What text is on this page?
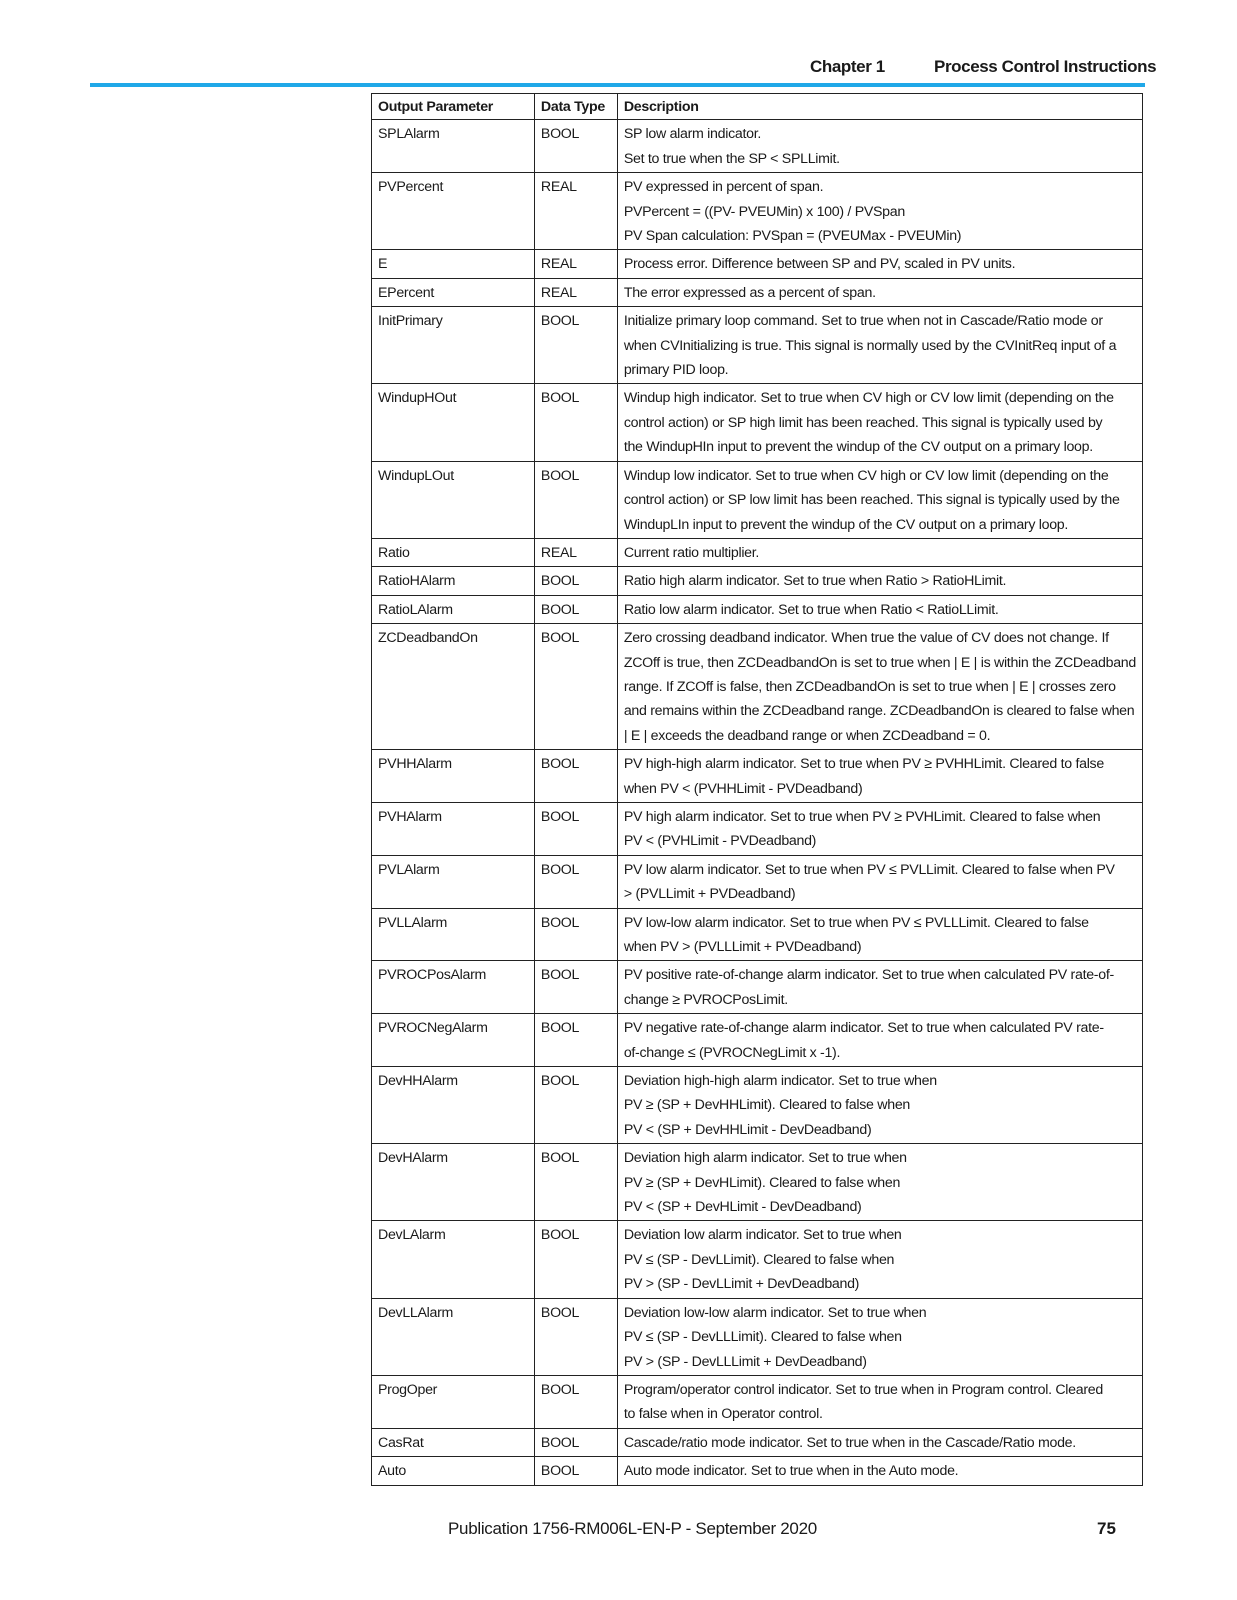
Chapter 1	Process Control Instructions
Output Parameter	Data Type	Description
SPLAlarm	BOOL	SP low alarm indicator.
Set to true when the SP < SPLLimit.

PVPercent	REAL	PV expressed in percent of span.
PVPercent = ((PV- PVEUMin) x 100) / PVSpan
PV Span calculation: PVSpan = (PVEUMax - PVEUMin)

E	REAL	Process error. Difference between SP and PV, scaled in PV units.

EPercent	REAL	The error expressed as a percent of span.

InitPrimary	BOOL	Initialize primary loop command. Set to true when not in Cascade/Ratio mode or
when CVInitializing is true. This signal is normally used by the CVInitReq input of a
primary PID loop.

WindupHOut	BOOL	Windup high indicator. Set to true when CV high or CV low limit (depending on the
control action) or SP high limit has been reached. This signal is typically used by
the WindupHIn input to prevent the windup of the CV output on a primary loop.

WindupLOut	BOOL	Windup low indicator. Set to true when CV high or CV low limit (depending on the
control action) or SP low limit has been reached. This signal is typically used by the
WindupLIn input to prevent the windup of the CV output on a primary loop.

Ratio	REAL	Current ratio multiplier.

RatioHAlarm	BOOL	Ratio high alarm indicator. Set to true when Ratio > RatioHLimit.

RatioLAlarm	BOOL	Ratio low alarm indicator. Set to true when Ratio < RatioLLimit.

ZCDeadbandOn	BOOL	Zero crossing deadband indicator. When true the value of CV does not change. If
ZCOff is true, then ZCDeadbandOn is set to true when | E | is within the ZCDeadband
range. If ZCOff is false, then ZCDeadbandOn is set to true when | E | crosses zero
and remains within the ZCDeadband range. ZCDeadbandOn is cleared to false when
| E | exceeds the deadband range or when ZCDeadband = 0.

PVHHAlarm	BOOL	PV high-high alarm indicator. Set to true when PV ≥ PVHHLimit. Cleared to false
when PV < (PVHHLimit - PVDeadband)

PVHAlarm	BOOL	PV high alarm indicator. Set to true when PV ≥ PVHLimit. Cleared to false when
PV < (PVHLimit - PVDeadband)

PVLAlarm	BOOL	PV low alarm indicator. Set to true when PV ≤ PVLLimit. Cleared to false when PV
> (PVLLimit + PVDeadband)

PVLLAlarm	BOOL	PV low-low alarm indicator. Set to true when PV ≤ PVLLLimit. Cleared to false
when PV > (PVLLLimit + PVDeadband)

PVROCPosAlarm	BOOL	PV positive rate-of-change alarm indicator. Set to true when calculated PV rate-of-
change ≥ PVROCPosLimit.

PVROCNegAlarm	BOOL	PV negative rate-of-change alarm indicator. Set to true when calculated PV rate-
of-change ≤ (PVROCNegLimit x -1).

DevHHAlarm	BOOL	Deviation high-high alarm indicator. Set to true when
PV ≥ (SP + DevHHLimit). Cleared to false when
PV < (SP + DevHHLimit - DevDeadband)

DevHAlarm	BOOL	Deviation high alarm indicator. Set to true when
PV ≥ (SP + DevHLimit). Cleared to false when
PV < (SP + DevHLimit - DevDeadband)

DevLAlarm	BOOL	Deviation low alarm indicator. Set to true when
PV ≤ (SP - DevLLimit). Cleared to false when
PV > (SP - DevLLimit + DevDeadband)

DevLLAlarm	BOOL	Deviation low-low alarm indicator. Set to true when
PV ≤ (SP - DevLLLimit). Cleared to false when
PV > (SP - DevLLLimit + DevDeadband)

ProgOper	BOOL	Program/operator control indicator. Set to true when in Program control. Cleared
to false when in Operator control.

CasRat	BOOL	Cascade/ratio mode indicator. Set to true when in the Cascade/Ratio mode.

Auto	BOOL	Auto mode indicator. Set to true when in the Auto mode.
Publication 1756-RM006L-EN-P - September 2020	75
